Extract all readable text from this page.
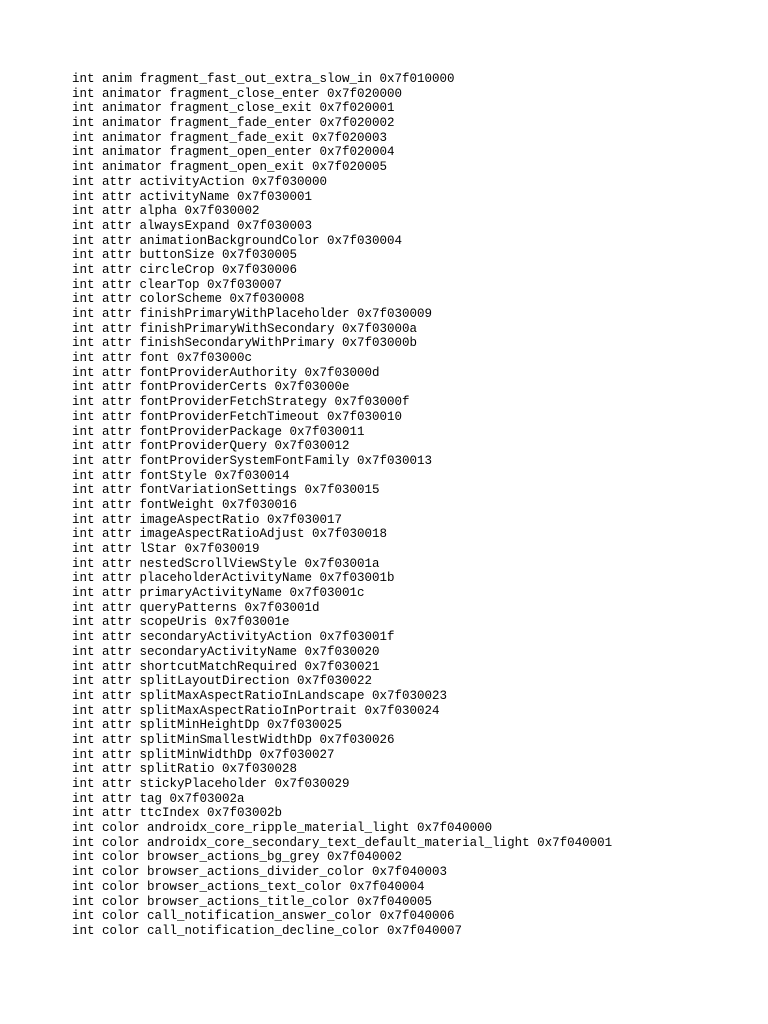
int anim fragment_fast_out_extra_slow_in 0x7f010000
int animator fragment_close_enter 0x7f020000
int animator fragment_close_exit 0x7f020001
int animator fragment_fade_enter 0x7f020002
int animator fragment_fade_exit 0x7f020003
int animator fragment_open_enter 0x7f020004
int animator fragment_open_exit 0x7f020005
int attr activityAction 0x7f030000
int attr activityName 0x7f030001
int attr alpha 0x7f030002
int attr alwaysExpand 0x7f030003
int attr animationBackgroundColor 0x7f030004
int attr buttonSize 0x7f030005
int attr circleCrop 0x7f030006
int attr clearTop 0x7f030007
int attr colorScheme 0x7f030008
int attr finishPrimaryWithPlaceholder 0x7f030009
int attr finishPrimaryWithSecondary 0x7f03000a
int attr finishSecondaryWithPrimary 0x7f03000b
int attr font 0x7f03000c
int attr fontProviderAuthority 0x7f03000d
int attr fontProviderCerts 0x7f03000e
int attr fontProviderFetchStrategy 0x7f03000f
int attr fontProviderFetchTimeout 0x7f030010
int attr fontProviderPackage 0x7f030011
int attr fontProviderQuery 0x7f030012
int attr fontProviderSystemFontFamily 0x7f030013
int attr fontStyle 0x7f030014
int attr fontVariationSettings 0x7f030015
int attr fontWeight 0x7f030016
int attr imageAspectRatio 0x7f030017
int attr imageAspectRatioAdjust 0x7f030018
int attr lStar 0x7f030019
int attr nestedScrollViewStyle 0x7f03001a
int attr placeholderActivityName 0x7f03001b
int attr primaryActivityName 0x7f03001c
int attr queryPatterns 0x7f03001d
int attr scopeUris 0x7f03001e
int attr secondaryActivityAction 0x7f03001f
int attr secondaryActivityName 0x7f030020
int attr shortcutMatchRequired 0x7f030021
int attr splitLayoutDirection 0x7f030022
int attr splitMaxAspectRatioInLandscape 0x7f030023
int attr splitMaxAspectRatioInPortrait 0x7f030024
int attr splitMinHeightDp 0x7f030025
int attr splitMinSmallestWidthDp 0x7f030026
int attr splitMinWidthDp 0x7f030027
int attr splitRatio 0x7f030028
int attr stickyPlaceholder 0x7f030029
int attr tag 0x7f03002a
int attr ttcIndex 0x7f03002b
int color androidx_core_ripple_material_light 0x7f040000
int color androidx_core_secondary_text_default_material_light 0x7f040001
int color browser_actions_bg_grey 0x7f040002
int color browser_actions_divider_color 0x7f040003
int color browser_actions_text_color 0x7f040004
int color browser_actions_title_color 0x7f040005
int color call_notification_answer_color 0x7f040006
int color call_notification_decline_color 0x7f040007
